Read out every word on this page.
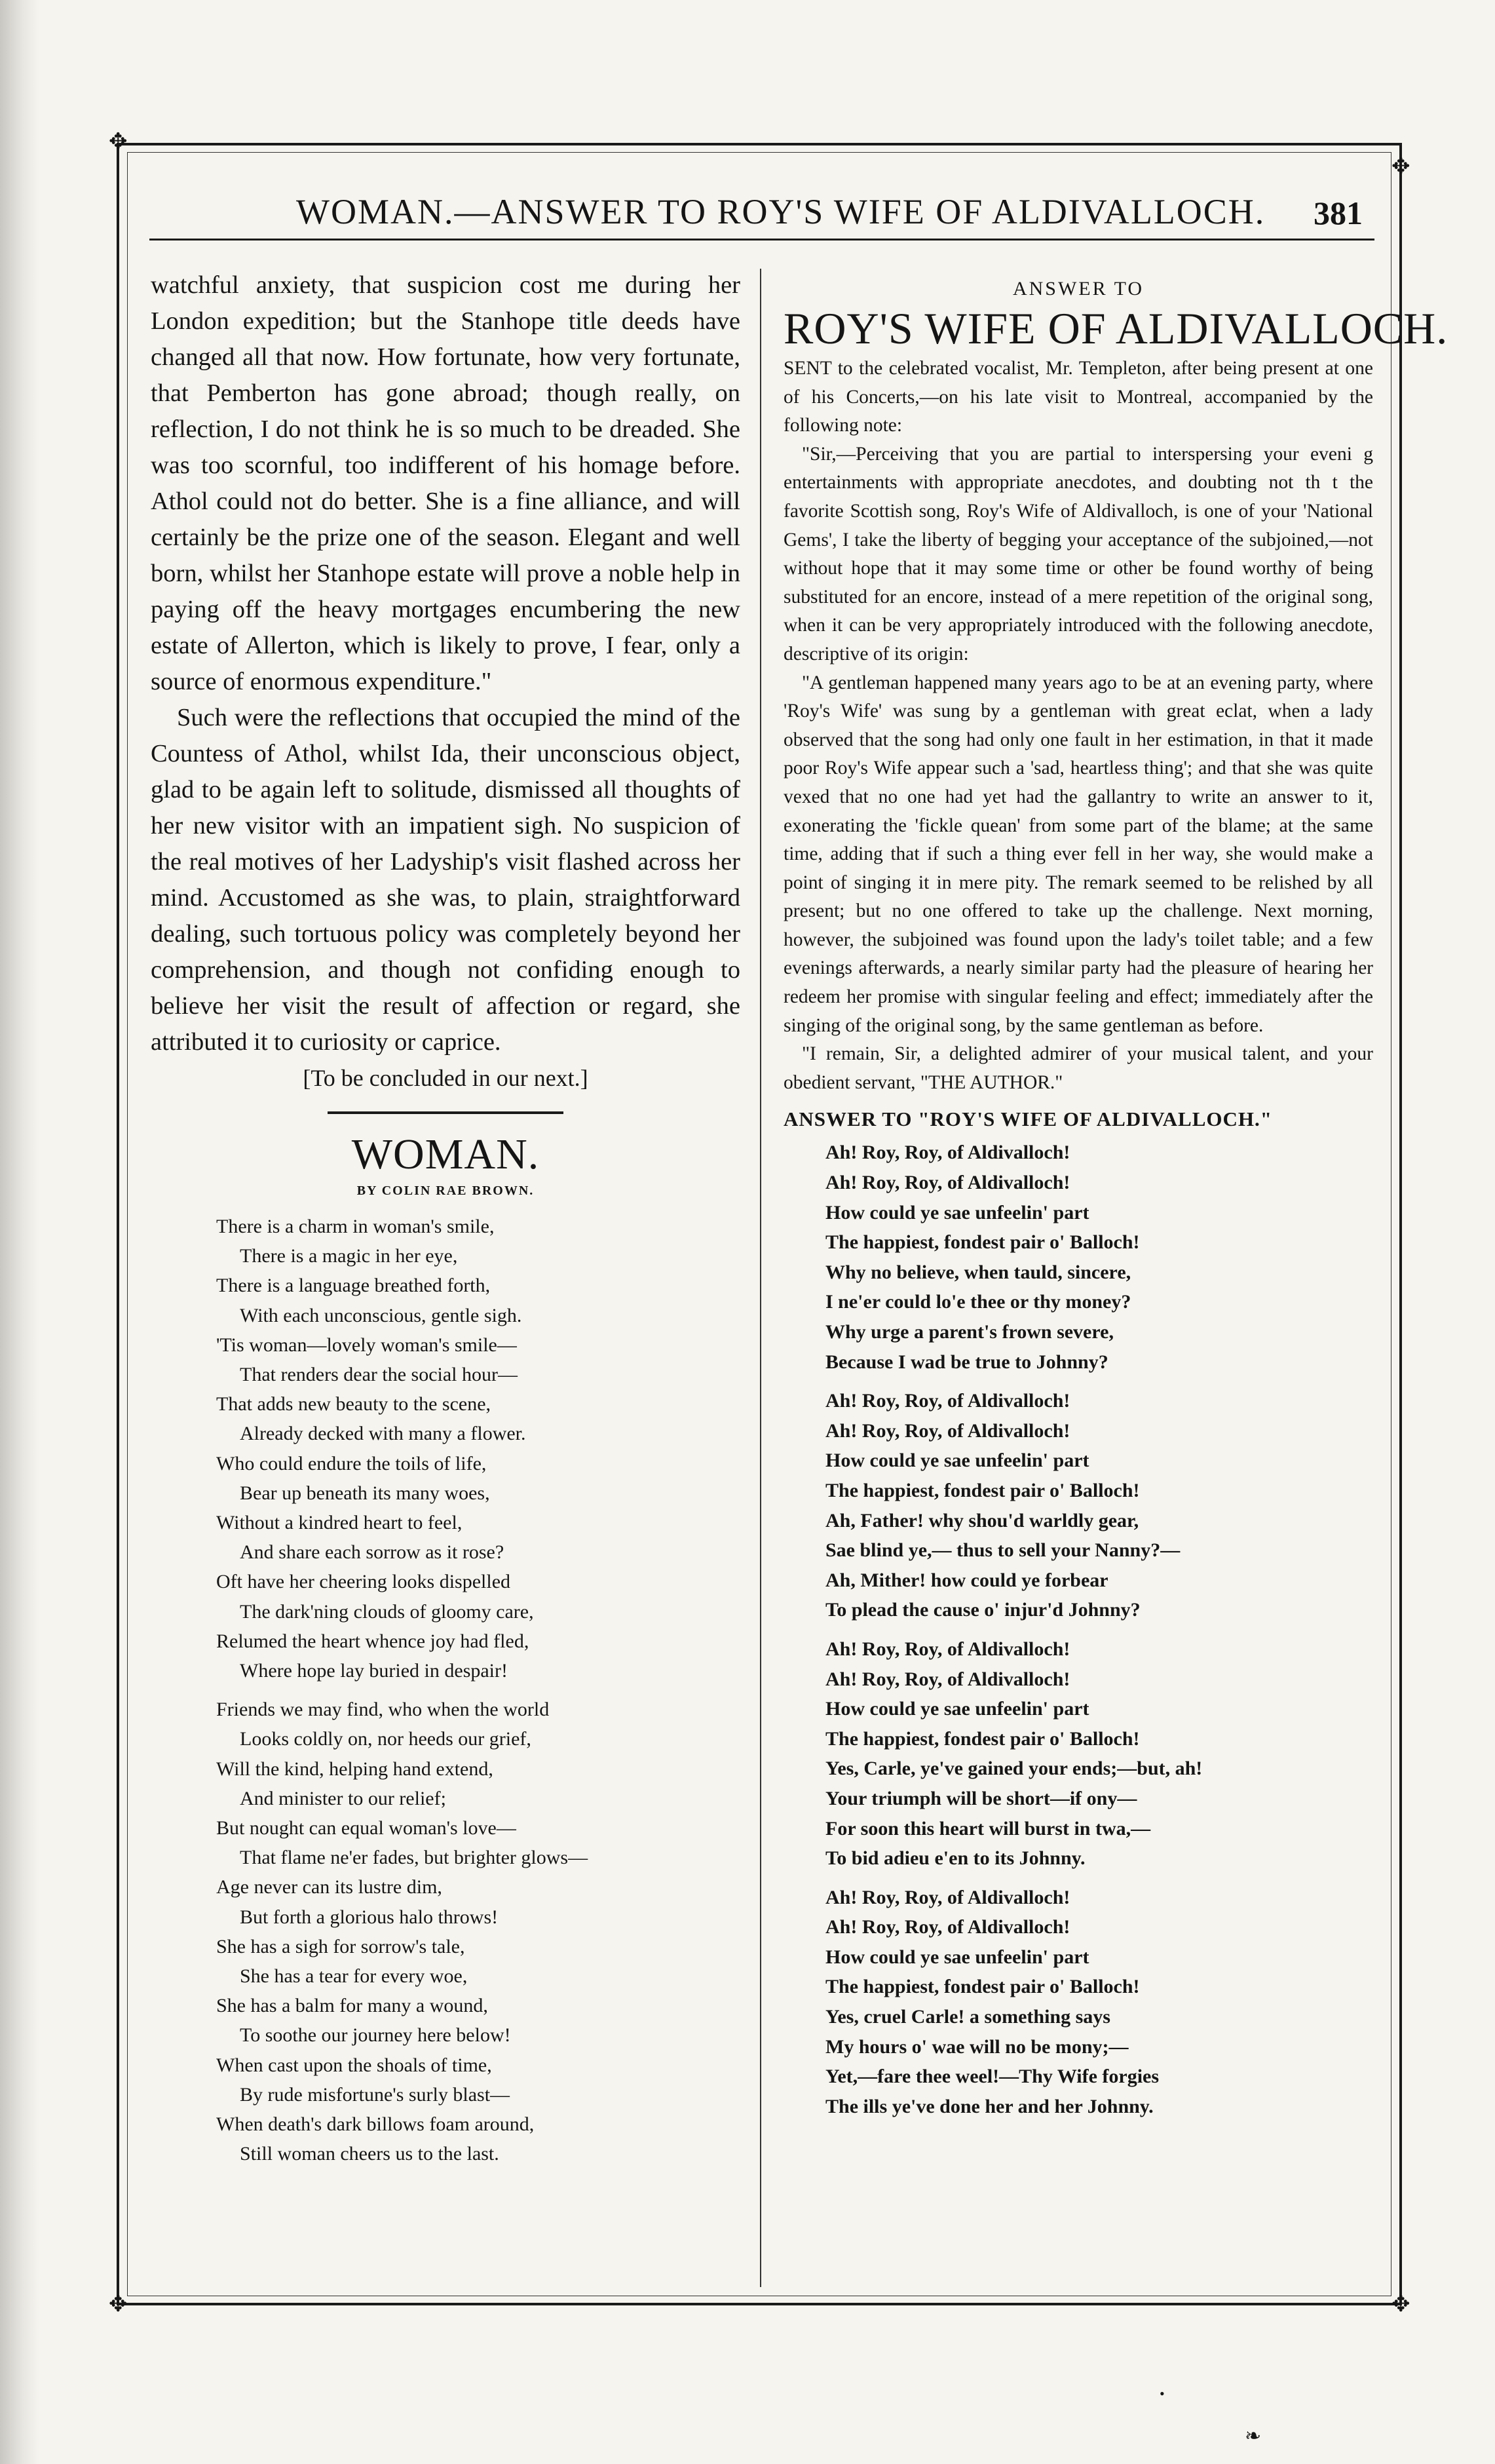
✥
✥
✥	✥
WOMAN.—ANSWER TO ROY'S WIFE OF ALDIVALLOCH. 381

watchful anxiety, that suspicion cost me during her London expedition; but the Stanhope title deeds have changed all that now. How fortunate, how very fortunate, that Pemberton has gone abroad; though really, on reflection, I do not think he is so much to be dreaded. She was too scornful, too indifferent of his homage before. Athol could not do better. She is a fine alliance, and will certainly be the prize one of the season. Elegant and well born, whilst her Stanhope estate will prove a noble help in paying off the heavy mortgages encumbering the new estate of Allerton, which is likely to prove, I fear, only a source of enormous expenditure."

Such were the reflections that occupied the mind of the Countess of Athol, whilst Ida, their unconscious object, glad to be again left to solitude, dismissed all thoughts of her new visitor with an impatient sigh. No suspicion of the real motives of her Ladyship's visit flashed across her mind. Accustomed as she was, to plain, straightforward dealing, such tortuous policy was completely beyond her comprehension, and though not confiding enough to believe her visit the result of affection or regard, she attributed it to curiosity or caprice.

[To be concluded in our next.]
WOMAN.
BY COLIN RAE BROWN.
There is a charm in woman's smile,
There is a magic in her eye,
There is a language breathed forth,
With each unconscious, gentle sigh.
'Tis woman—lovely woman's smile—
That renders dear the social hour—
That adds new beauty to the scene,
Already decked with many a flower.
Who could endure the toils of life,
Bear up beneath its many woes,
Without a kindred heart to feel,
And share each sorrow as it rose?
Oft have her cheering looks dispelled
The dark'ning clouds of gloomy care,
Relumed the heart whence joy had fled,
Where hope lay buried in despair!
Friends we may find, who when the world
Looks coldly on, nor heeds our grief,
Will the kind, helping hand extend,
And minister to our relief;
But nought can equal woman's love—
That flame ne'er fades, but brighter glows—
Age never can its lustre dim,
But forth a glorious halo throws!
She has a sigh for sorrow's tale,
She has a tear for every woe,
She has a balm for many a wound,
To soothe our journey here below!
When cast upon the shoals of time,
By rude misfortune's surly blast—
When death's dark billows foam around,
Still woman cheers us to the last.
ANSWER TO
ROY'S WIFE OF ALDIVALLOCH.

SENT to the celebrated vocalist, Mr. Templeton, after being present at one of his Concerts,—on his late visit to Montreal, accompanied by the following note:

"Sir,—Perceiving that you are partial to interspersing your eveni g entertainments with appropriate anecdotes, and doubting not th t the favorite Scottish song, Roy's Wife of Aldivalloch, is one of your 'National Gems', I take the liberty of begging your acceptance of the subjoined,—not without hope that it may some time or other be found worthy of being substituted for an encore, instead of a mere repetition of the original song, when it can be very appropriately introduced with the following anecdote, descriptive of its origin:

"A gentleman happened many years ago to be at an evening party, where 'Roy's Wife' was sung by a gentleman with great eclat, when a lady observed that the song had only one fault in her estimation, in that it made poor Roy's Wife appear such a 'sad, heartless thing'; and that she was quite vexed that no one had yet had the gallantry to write an answer to it, exonerating the 'fickle quean' from some part of the blame; at the same time, adding that if such a thing ever fell in her way, she would make a point of singing it in mere pity. The remark seemed to be relished by all present; but no one offered to take up the challenge. Next morning, however, the subjoined was found upon the lady's toilet table; and a few evenings afterwards, a nearly similar party had the pleasure of hearing her redeem her promise with singular feeling and effect; immediately after the singing of the original song, by the same gentleman as before.

"I remain, Sir, a delighted admirer of your musical talent, and your obedient servant, "THE AUTHOR."

ANSWER TO "ROY'S WIFE OF ALDIVALLOCH."
Ah! Roy, Roy, of Aldivalloch!
Ah! Roy, Roy, of Aldivalloch!
How could ye sae unfeelin' part
The happiest, fondest pair o' Balloch!
Why no believe, when tauld, sincere,
I ne'er could lo'e thee or thy money?
Why urge a parent's frown severe,
Because I wad be true to Johnny?
Ah! Roy, Roy, of Aldivalloch!
Ah! Roy, Roy, of Aldivalloch!
How could ye sae unfeelin' part
The happiest, fondest pair o' Balloch!
Ah, Father! why shou'd warldly gear,
Sae blind ye,— thus to sell your Nanny?—
Ah, Mither! how could ye forbear
To plead the cause o' injur'd Johnny?
Ah! Roy, Roy, of Aldivalloch!
Ah! Roy, Roy, of Aldivalloch!
How could ye sae unfeelin' part
The happiest, fondest pair o' Balloch!
Yes, Carle, ye've gained your ends;—but, ah!
Your triumph will be short—if ony—
For soon this heart will burst in twa,—
To bid adieu e'en to its Johnny.
Ah! Roy, Roy, of Aldivalloch!
Ah! Roy, Roy, of Aldivalloch!
How could ye sae unfeelin' part
The happiest, fondest pair o' Balloch!
Yes, cruel Carle! a something says
My hours o' wae will no be mony;—
Yet,—fare thee weel!—Thy Wife forgies
The ills ye've done her and her Johnny.
•
❧
